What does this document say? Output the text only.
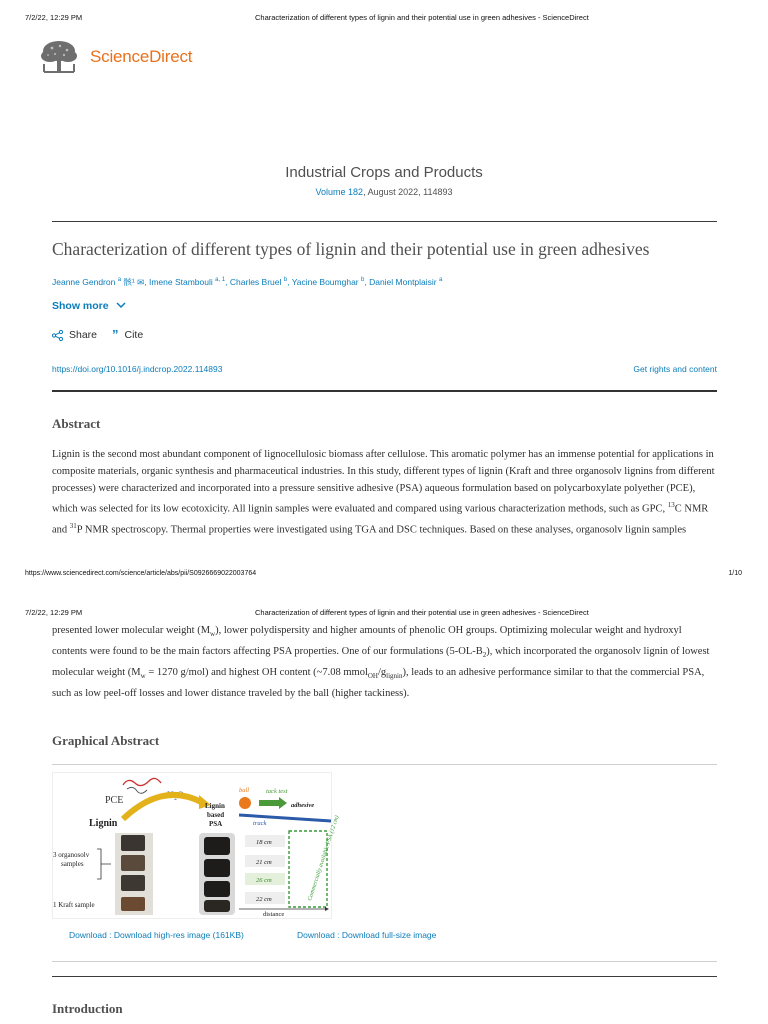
7/2/22, 12:29 PM	Characterization of different types of lignin and their potential use in green adhesives - ScienceDirect
ScienceDirect
Industrial Crops and Products
Volume 182, August 2022, 114893
Characterization of different types of lignin and their potential use in green adhesives
Jeanne Gendron $^a$ 骸¹ ✉, Imene Stambouli $^{a, 1}$, Charles Bruel $^b$, Yacine Boumghar $^b$, Daniel Montplaisir $^a$
Show more
Share ” Cite
https://doi.org/10.1016/j.indcrop.2022.114893	Get rights and content
Abstract
Lignin is the second most abundant component of lignocellulosic biomass after cellulose. This aromatic polymer has an immense potential for applications in composite materials, organic synthesis and pharmaceutical industries. In this study, different types of lignin (Kraft and three organosolv lignins from different processes) were characterized and incorporated into a pressure sensitive adhesive (PSA) aqueous formulation based on polycarboxylate polyether (PCE), which was selected for its low ecotoxicity. All lignin samples were evaluated and compared using various characterization methods, such as GPC, $^{13}$C NMR and $^{31}$P NMR spectroscopy. Thermal properties were investigated using TGA and DSC techniques. Based on these analyses, organosolv lignin samples
https://www.sciencedirect.com/science/article/abs/pii/S0926669022003764	1/10
7/2/22, 12:29 PM	Characterization of different types of lignin and their potential use in green adhesives - ScienceDirect
presented lower molecular weight $(M_w)$, lower polydispersity and higher amounts of phenolic OH groups. Optimizing molecular weight and hydroxyl contents were found to be the main factors affecting PSA properties. One of our formulations $(5-OL-B_2)$, which incorporated the organosolv lignin of lowest molecular weight ($M_w = 1270$ g/mol) and highest OH content (~7.08 $mmol_{OH}/g_{lignin}$), leads to an adhesive performance similar to that the commercial PSA, such as low peel-off losses and lower distance traveled by the ball (higher tackiness).
Graphical Abstract
PCE	H₂O
Lignin
Lignin
based
PSA
3 organosolv
samples
1 Kraft sample
ball	tack test
adhesive
track
18 cm
21 cm
26 cm
22 cm	Commercially available PSA (12 cm)
distance
Download : Download high-res image (161KB)	Download : Download full-size image
Introduction
